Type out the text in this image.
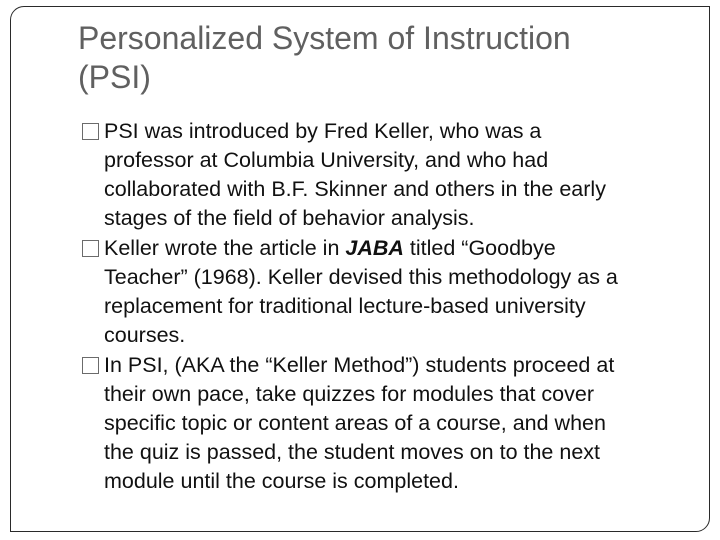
Personalized System of Instruction
(PSI)
PSI was introduced by Fred Keller, who was a
professor at Columbia University, and who had
collaborated with B.F. Skinner and others in the early
stages of the field of behavior analysis.
Keller wrote the article in JABA titled “Goodbye
Teacher” (1968). Keller devised this methodology as a
replacement for traditional lecture-based university
courses.
In PSI, (AKA the “Keller Method”) students proceed at
their own pace, take quizzes for modules that cover
specific topic or content areas of a course, and when
the quiz is passed, the student moves on to the next
module until the course is completed.
